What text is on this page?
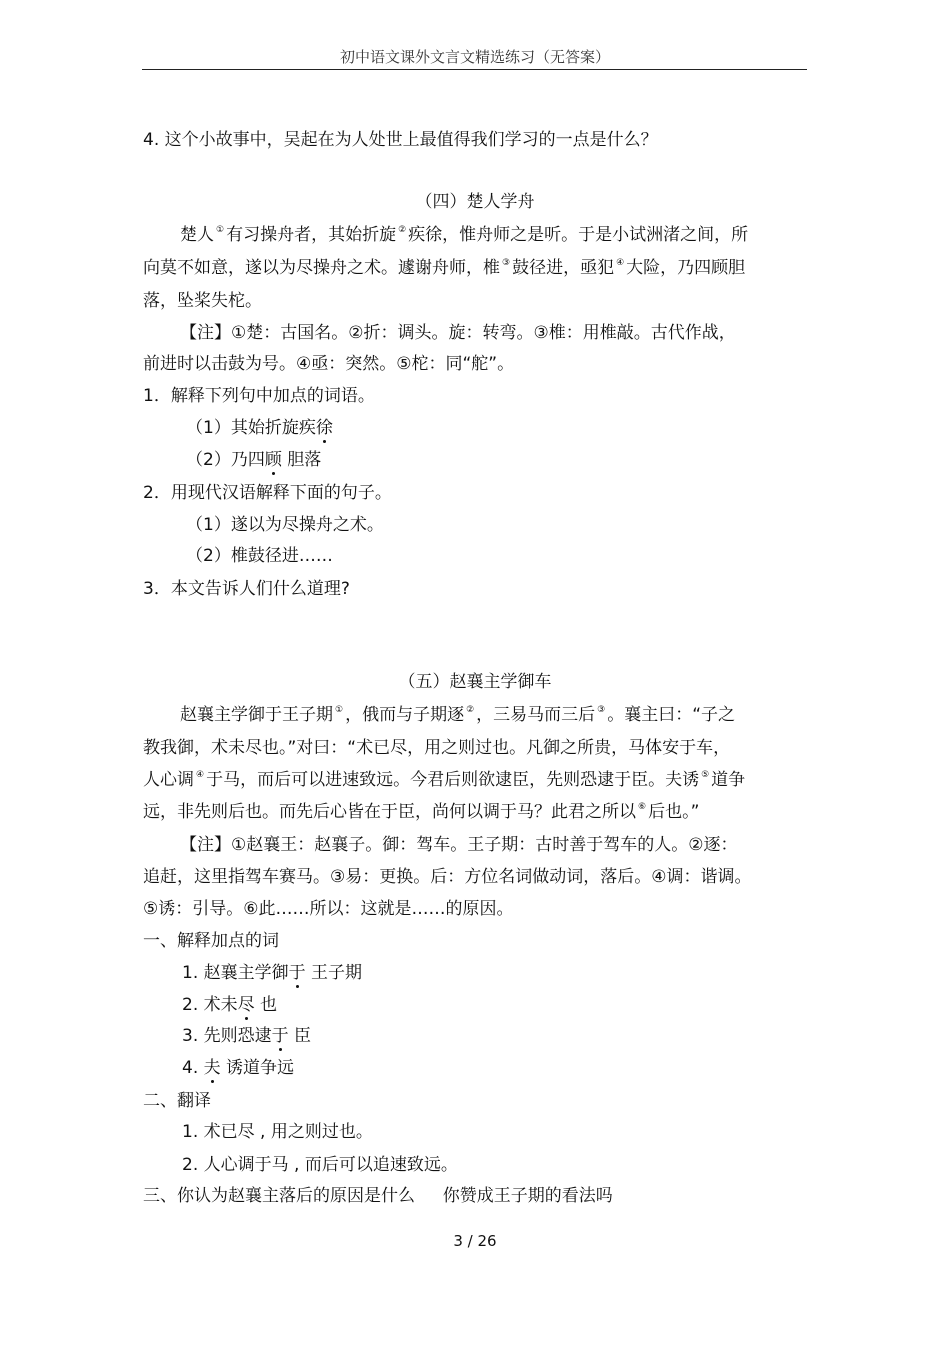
初中语文课外文言文精选练习（无答案）
4. 这个小故事中，吴起在为人处世上最值得我们学习的一点是什么？
（四）楚人学舟
楚人 ① 有习操舟者，其始折旋 ② 疾徐，惟舟师之是听。于是小试洲渚之间，所
向莫不如意，遂以为尽操舟之术。遽谢舟师，椎 ③ 鼓径进，亟犯 ④ 大险，乃四顾胆
落，坠桨失柁。
【注】①楚：古国名。②折：调头。旋：转弯。③椎：用椎敲。古代作战，
前进时以击鼓为号。④亟：突然。⑤柁：同“舵”。
1．解释下列句中加点的词语。
（1）其始折旋疾徐
（2）乃四顾 胆落
2．用现代汉语解释下面的句子。
（1）遂以为尽操舟之术。
（2）椎鼓径进……
3．本文告诉人们什么道理?
（五）赵襄主学御车
赵襄主学御于王子期 ① ，俄而与子期逐 ② ，三易马而三后 ③ 。襄主曰：“子之
教我御，术未尽也。”对曰：“术已尽，用之则过也。凡御之所贵，马体安于车，
人心调 ④ 于马，而后可以进速致远。今君后则欲逮臣，先则恐逮于臣。夫诱 ⑤ 道争
远，非先则后也。而先后心皆在于臣，尚何以调于马？此君之所以 ⑥ 后也。”
【注】①赵襄王：赵襄子。御：驾车。王子期：古时善于驾车的人。②逐：
追赶，这里指驾车赛马。③易：更换。后：方位名词做动词，落后。④调：谐调。
⑤诱：引导。⑥此……所以：这就是……的原因。
一、解释加点的词
1. 赵襄主学御于 王子期
2. 术未尽 也
3. 先则恐逮于 臣
4. 夫 诱道争远
二、翻译
1. 术已尽 , 用之则过也。
2. 人心调于马 , 而后可以追速致远。
三、你认为赵襄主落后的原因是什么 　 你赞成王子期的看法吗
3 / 26
